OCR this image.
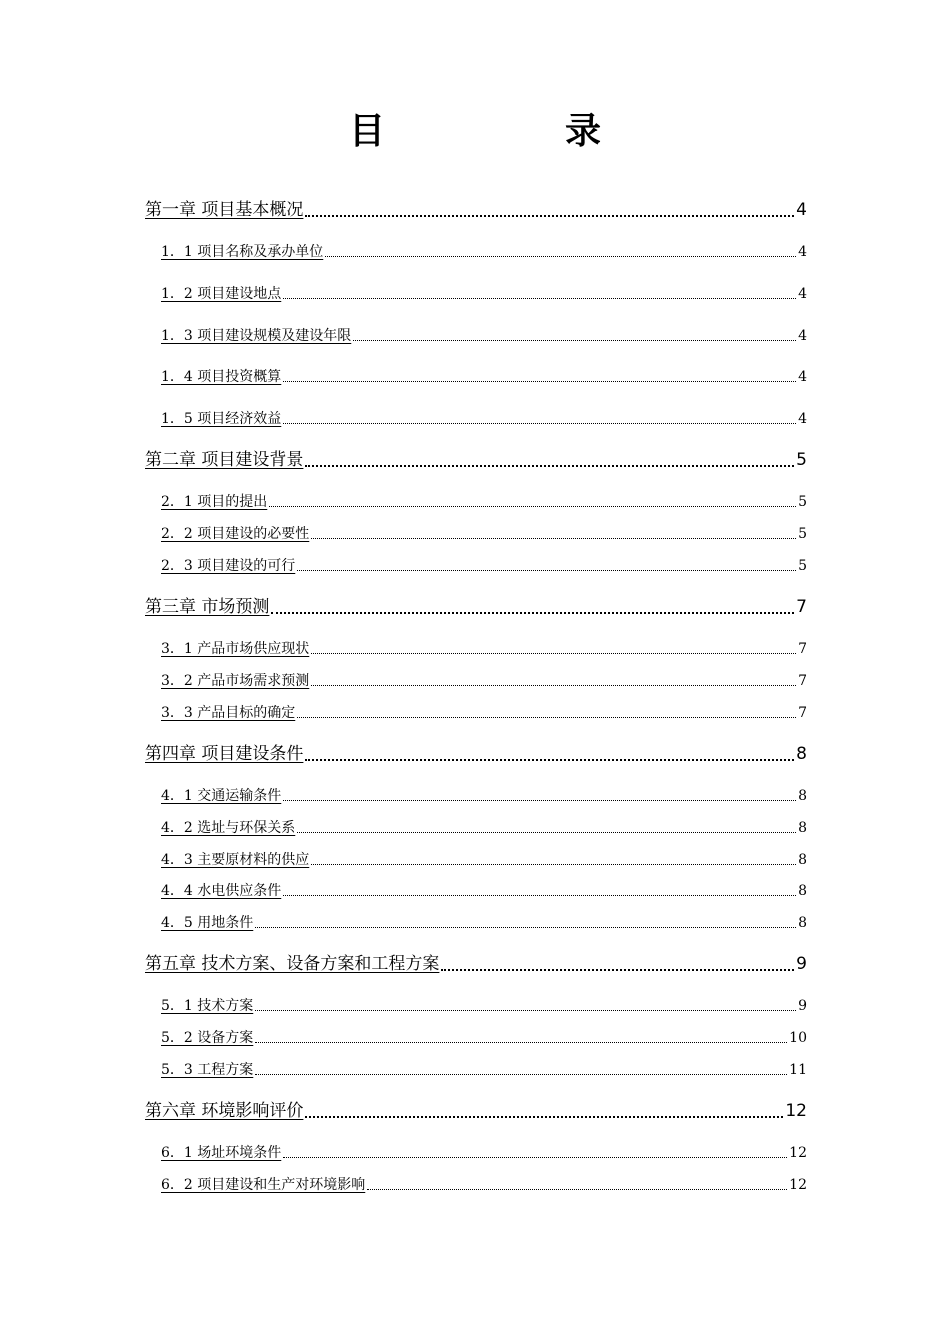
目　录
第一章 项目基本概况	4
1．1 项目名称及承办单位	4
1．2 项目建设地点	4
1．3 项目建设规模及建设年限	4
1．4 项目投资概算	4
1．5 项目经济效益	4
第二章 项目建设背景	5
2．1 项目的提出	5
2．2 项目建设的必要性	5
2．3 项目建设的可行	5
第三章 市场预测	7
3．1 产品市场供应现状	7
3．2 产品市场需求预测	7
3．3 产品目标的确定	7
第四章 项目建设条件	8
4．1 交通运输条件	8
4．2 选址与环保关系	8
4．3 主要原材料的供应	8
4．4 水电供应条件	8
4．5 用地条件	8
第五章 技术方案、设备方案和工程方案	9
5．1 技术方案	9
5．2 设备方案	10
5．3 工程方案	11
第六章 环境影响评价	12
6．1 场址环境条件	12
6．2 项目建设和生产对环境影响	12
